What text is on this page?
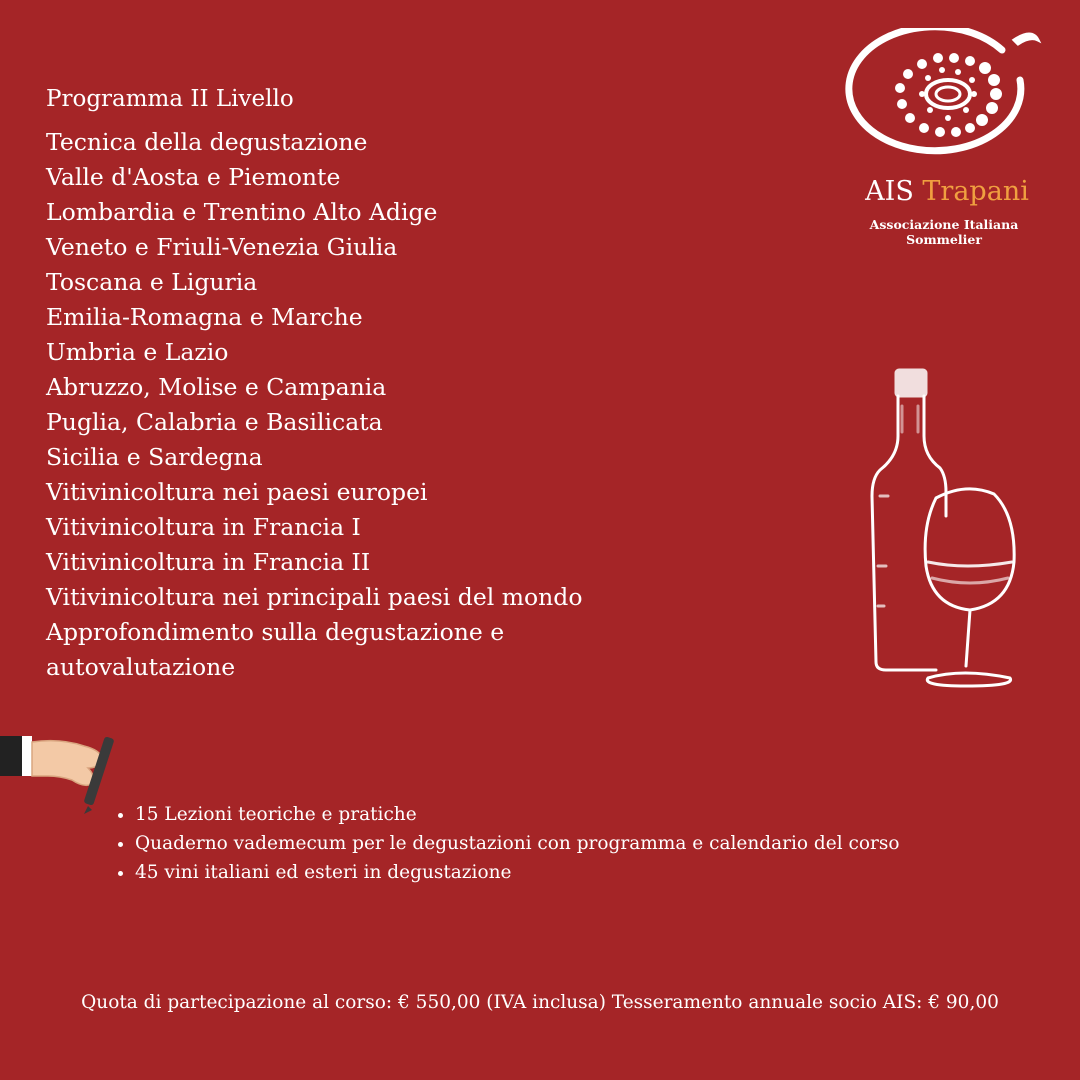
Programma II Livello
Tecnica della degustazione
Valle d'Aosta e Piemonte
Lombardia e Trentino Alto Adige
Veneto e Friuli-Venezia Giulia
Toscana e Liguria
Emilia-Romagna e Marche
Umbria e Lazio
Abruzzo, Molise e Campania
Puglia, Calabria e Basilicata
Sicilia e Sardegna
Vitivinicoltura nei paesi europei
Vitivinicoltura in Francia I
Vitivinicoltura in Francia II
Vitivinicoltura nei principali paesi del mondo
Approfondimento sulla degustazione e
autovalutazione
AIS Trapani
Associazione Italiana Sommelier
• 15 Lezioni teoriche e pratiche
• Quaderno vademecum per le degustazioni con programma e calendario del corso
• 45 vini italiani ed esteri in degustazione
Quota di partecipazione al corso: € 550,00 (IVA inclusa) Tesseramento annuale socio AIS: € 90,00
